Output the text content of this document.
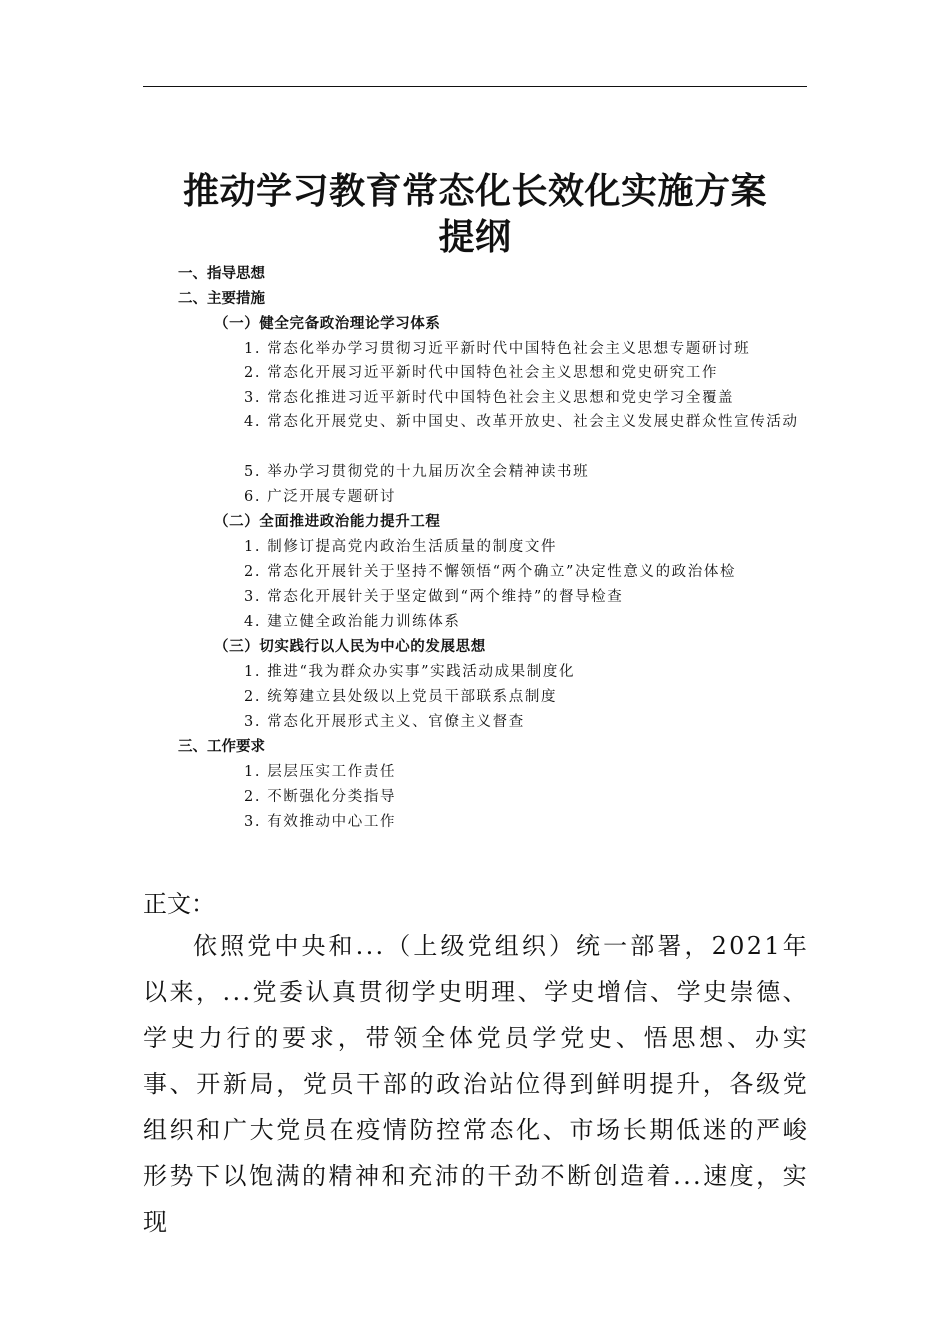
推动学习教育常态化长效化实施方案
提纲
一、指导思想
二、主要措施
（一）健全完备政治理论学习体系
1. 常态化举办学习贯彻习近平新时代中国特色社会主义思想专题研讨班
2. 常态化开展习近平新时代中国特色社会主义思想和党史研究工作
3. 常态化推进习近平新时代中国特色社会主义思想和党史学习全覆盖
4. 常态化开展党史、新中国史、改革开放史、社会主义发展史群众性宣传活动
5. 举办学习贯彻党的十九届历次全会精神读书班
6. 广泛开展专题研讨
（二）全面推进政治能力提升工程
1. 制修订提高党内政治生活质量的制度文件
2. 常态化开展针关于坚持不懈领悟“两个确立”决定性意义的政治体检
3. 常态化开展针关于坚定做到“两个维持”的督导检查
4. 建立健全政治能力训练体系
（三）切实践行以人民为中心的发展思想
1. 推进“我为群众办实事”实践活动成果制度化
2. 统筹建立县处级以上党员干部联系点制度
3. 常态化开展形式主义、官僚主义督查
三、工作要求
1. 层层压实工作责任
2. 不断强化分类指导
3. 有效推动中心工作
正文：
依照党中央和...（上级党组织）统一部署，2021年以来，...党委认真贯彻学史明理、学史增信、学史崇德、学史力行的要求，带领全体党员学党史、悟思想、办实事、开新局，党员干部的政治站位得到鲜明提升，各级党组织和广大党员在疫情防控常态化、市场长期低迷的严峻形势下以饱满的精神和充沛的干劲不断创造着...速度，实现
